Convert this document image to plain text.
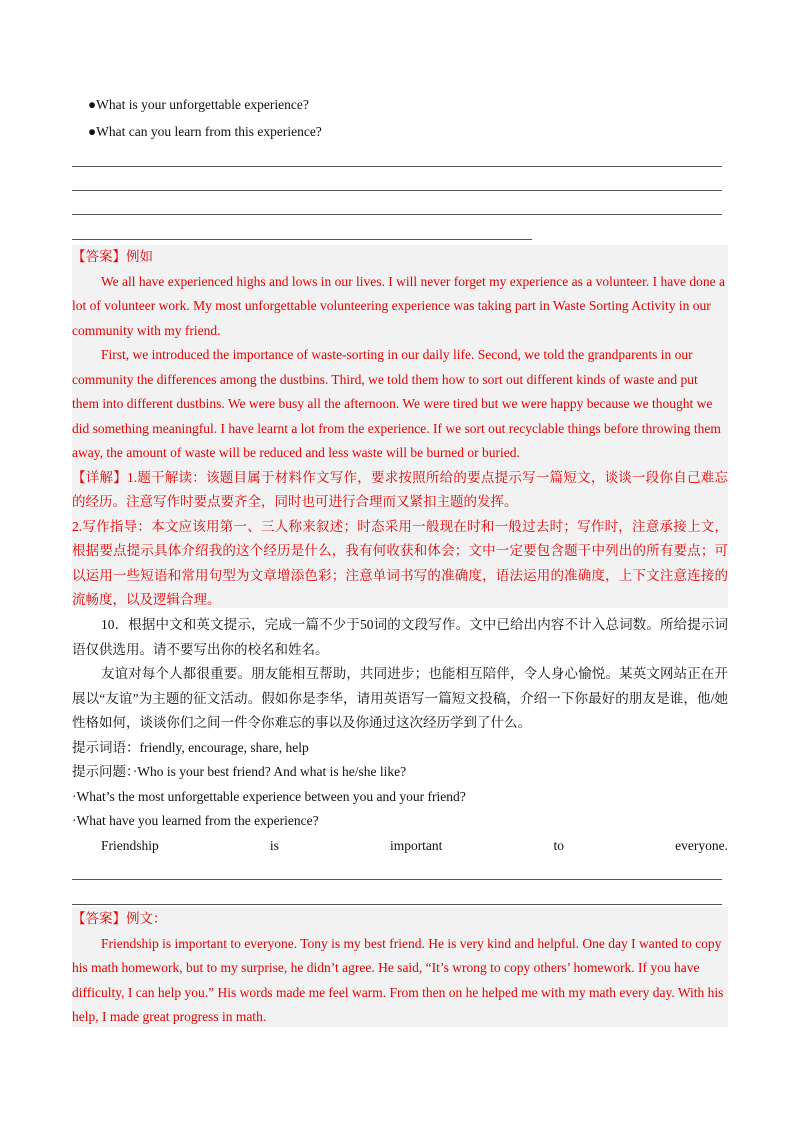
●What is your unforgettable experience?
●What can you learn from this experience?

【答案】例如

We all have experienced highs and lows in our lives. I will never forget my experience as a volunteer. I have done a lot of volunteer work. My most unforgettable volunteering experience was taking part in Waste Sorting Activity in our community with my friend.

First, we introduced the importance of waste-sorting in our daily life. Second, we told the grandparents in our community the differences among the dustbins. Third, we told them how to sort out different kinds of waste and put them into different dustbins. We were busy all the afternoon. We were tired but we were happy because we thought we did something meaningful. I have learnt a lot from the experience. If we sort out recyclable things before throwing them away, the amount of waste will be reduced and less waste will be burned or buried.

【详解】1.题干解读：该题目属于材料作文写作，要求按照所给的要点提示写一篇短文，谈谈一段你自己难忘的经历。注意写作时要点要齐全，同时也可进行合理而又紧扣主题的发挥。

2.写作指导：本文应该用第一、三人称来叙述；时态采用一般现在时和一般过去时；写作时，注意承接上文，根据要点提示具体介绍我的这个经历是什么，我有何收获和体会；文中一定要包含题干中列出的所有要点；可以运用一些短语和常用句型为文章增添色彩；注意单词书写的准确度，语法运用的准确度，上下文注意连接的流畅度，以及逻辑合理。

10．根据中文和英文提示，完成一篇不少于50词的文段写作。文中已给出内容不计入总词数。所给提示词语仅供选用。请不要写出你的校名和姓名。

友谊对每个人都很重要。朋友能相互帮助，共同进步；也能相互陪伴，令人身心愉悦。某英文网站正在开展以“友谊”为主题的征文活动。假如你是李华，请用英语写一篇短文投稿，介绍一下你最好的朋友是谁，他/她性格如何，谈谈你们之间一件令你难忘的事以及你通过这次经历学到了什么。

提示词语：friendly, encourage, share, help

提示问题：·Who is your best friend? And what is he/she like?

·What’s the most unforgettable experience between you and your friend?

·What have you learned from the experience?

Friendship	is	important	to	everyone.

【答案】例文：

Friendship is important to everyone. Tony is my best friend. He is very kind and helpful. One day I wanted to copy his math homework, but to my surprise, he didn’t agree. He said, “It’s wrong to copy others’ homework. If you have difficulty, I can help you.” His words made me feel warm. From then on he helped me with my math every day. With his help, I made great progress in math.
